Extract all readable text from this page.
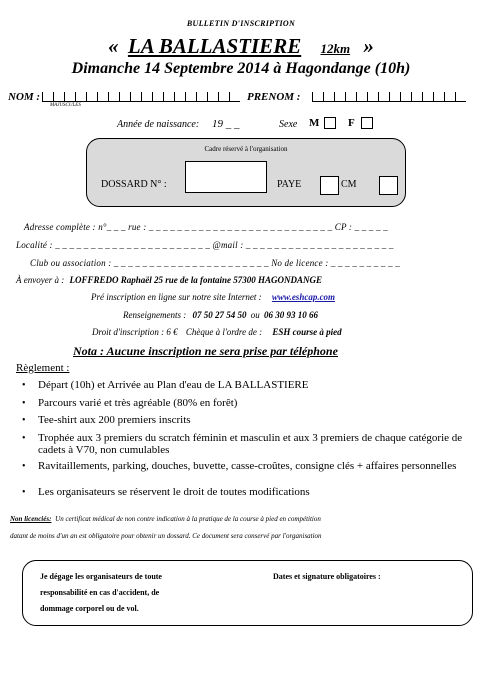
BULLETIN D'INSCRIPTION
« LA BALLASTIERE 12km »
Dimanche 14 Septembre 2014 à Hagondange (10h)
NOM :
MAJUSCULES
PRENOM :
Année de naissance: 19 _ _	Sexe M	F
Cadre réservé à l'organisation
DOSSARD N° :	PAYE	CM
Adresse complète : n°_ _ _ rue : _ _ _ _ _ _ _ _ _ _ _ _ _ _ _ _ _ _ _ _ _ _ _ _ _ _ CP : _ _ _ _ _
Localité : _ _ _ _ _ _ _ _ _ _ _ _ _ _ _ _ _ _ _ _ _ _ @mail : _ _ _ _ _ _ _ _ _ _ _ _ _ _ _ _ _ _ _ _ _
Club ou association : _ _ _ _ _ _ _ _ _ _ _ _ _ _ _ _ _ _ _ _ _ _ No de licence : _ _ _ _ _ _ _ _ _ _
À envoyer à : LOFFREDO Raphaël 25 rue de la fontaine 57300 HAGONDANGE
Pré inscription en ligne sur notre site Internet : www.eshcap.com
Renseignements : 07 50 27 54 50 ou 06 30 93 10 66
Droit d'inscription : 6 € Chèque à l'ordre de : ESH course à pied
Nota : Aucune inscription ne sera prise par téléphone
Règlement :
• Départ (10h) et Arrivée au Plan d'eau de LA BALLASTIERE
• Parcours varié et très agréable (80% en forêt)
• Tee-shirt aux 200 premiers inscrits
• Trophée aux 3 premiers du scratch féminin et masculin et aux 3 premiers de chaque catégorie de cadets à V70, non cumulables
• Ravitaillements, parking, douches, buvette, casse-croûtes, consigne clés + affaires personnelles
• Les organisateurs se réservent le droit de toutes modifications
Non licenciés: Un certificat médical de non contre indication à la pratique de la course à pied en compétition
datant de moins d'un an est obligatoire pour obtenir un dossard. Ce document sera conservé par l'organisation
Je dégage les organisateurs de toute
responsabilité en cas d'accident, de
dommage corporel ou de vol.
Dates et signature obligatoires :
